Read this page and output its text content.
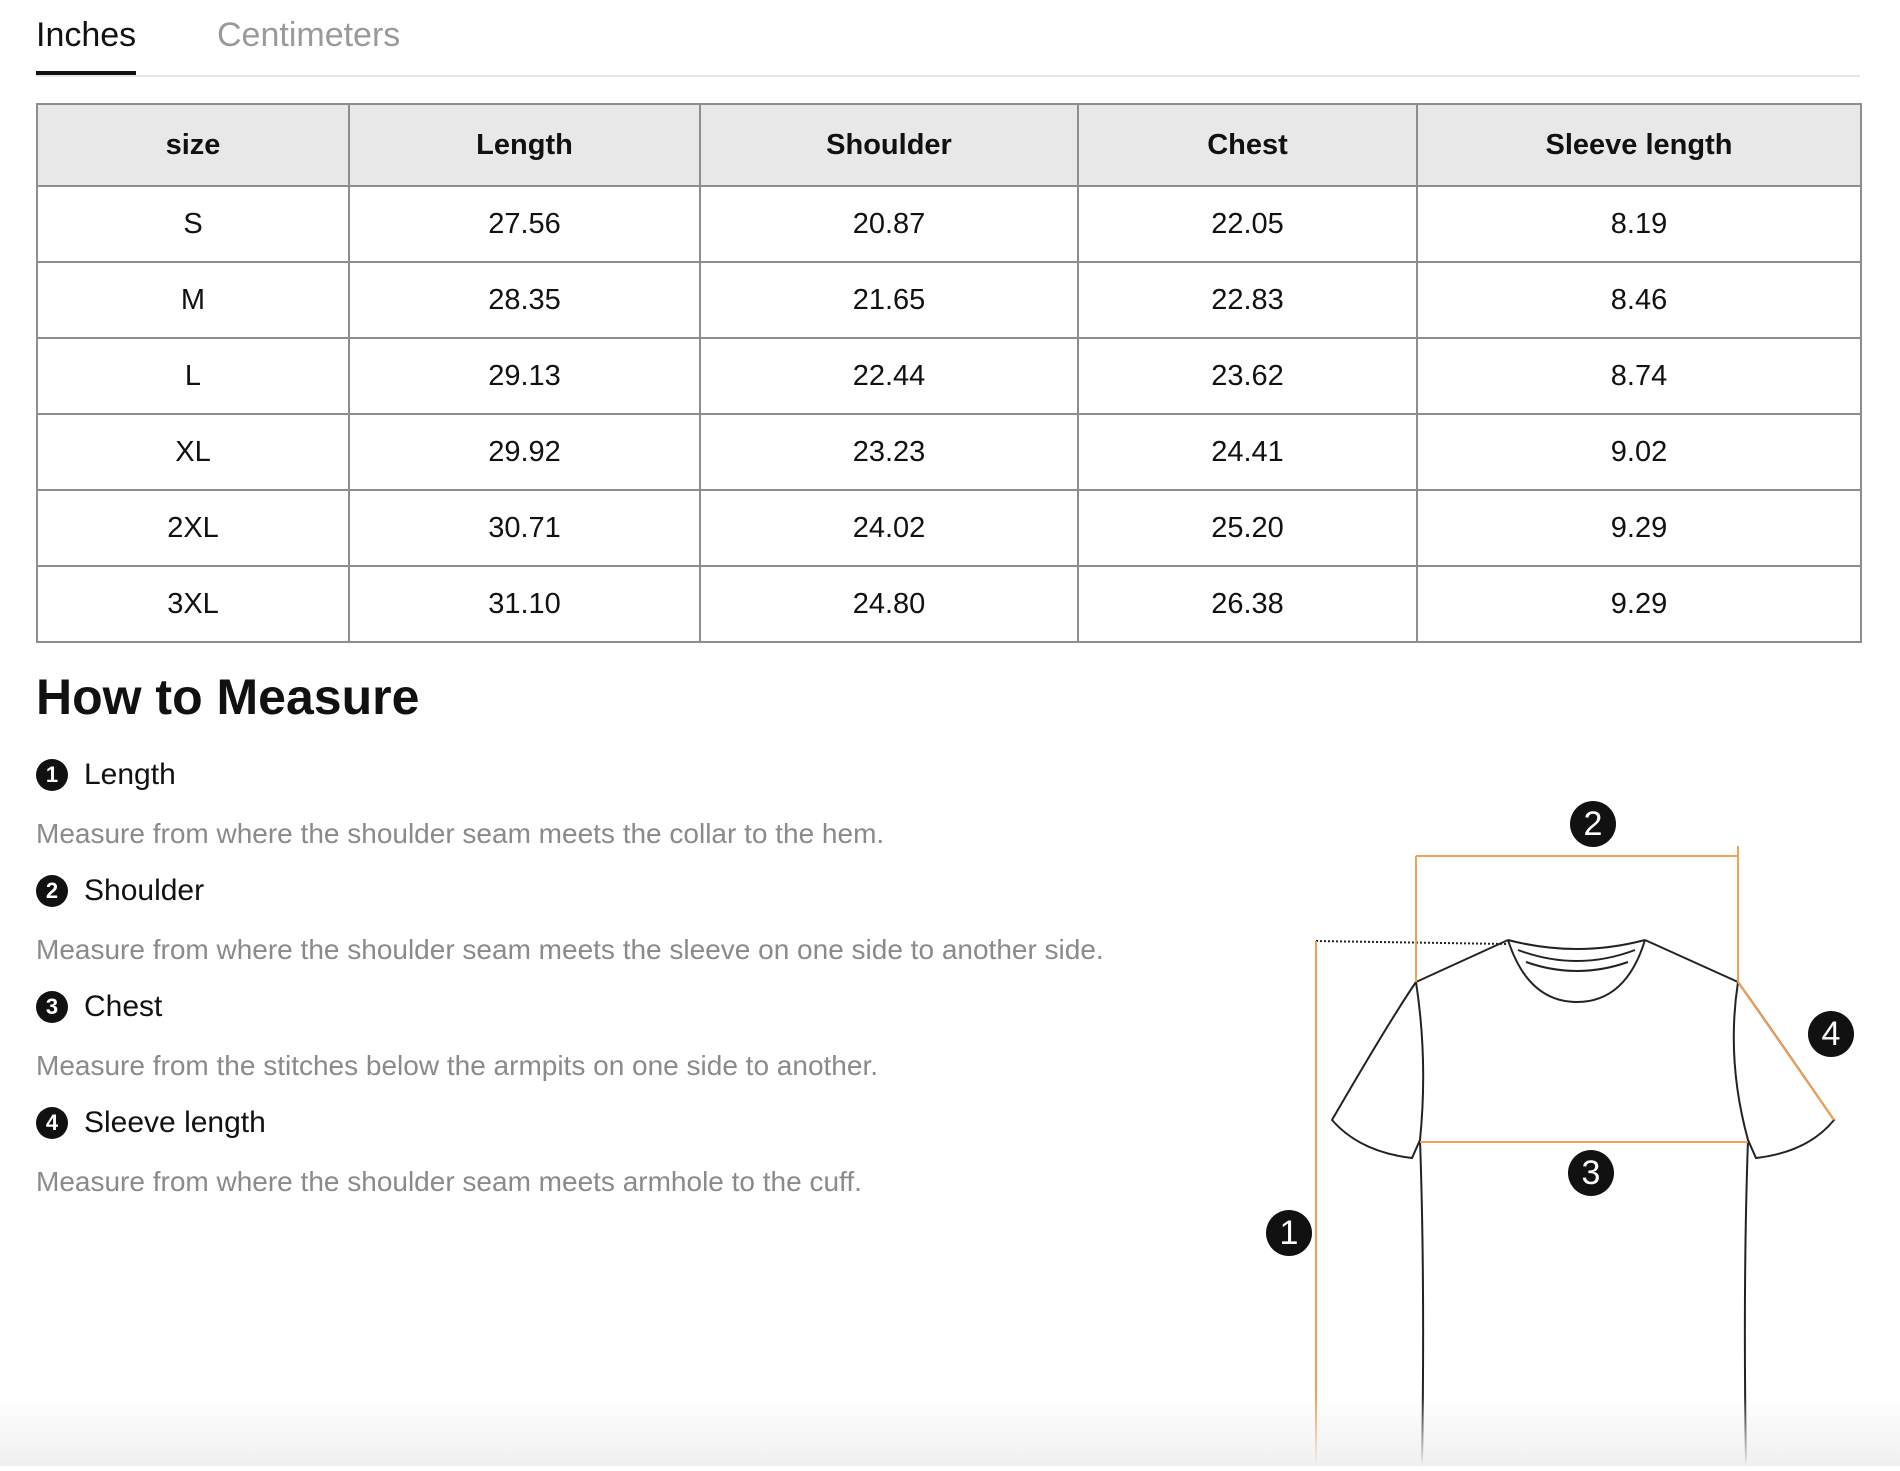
Inches Centimeters
size	Length	Shoulder	Chest	Sleeve length
S	27.56	20.87	22.05	8.19
M	28.35	21.65	22.83	8.46
L	29.13	22.44	23.62	8.74
XL	29.92	23.23	24.41	9.02
2XL	30.71	24.02	25.20	9.29
3XL	31.10	24.80	26.38	9.29
How to Measure
1 Length
Measure from where the shoulder seam meets the collar to the hem.
2 Shoulder
Measure from where the shoulder seam meets the sleeve on one side to another side.
3 Chest
Measure from the stitches below the armpits on one side to another.
4 Sleeve length
Measure from where the shoulder seam meets armhole to the cuff.
2
4
3
1
